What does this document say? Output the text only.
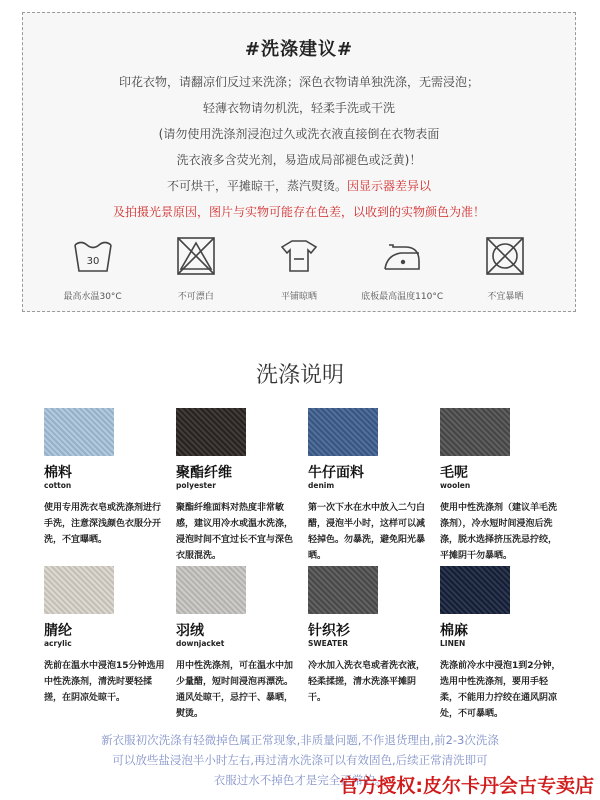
#洗涤建议#
印花衣物，请翻凉们反过来洗涤；深色衣物请单独洗涤，无需浸泡；
轻薄衣物请勿机洗，轻柔手洗或干洗
(请勿使用洗涤剂浸泡过久或洗衣液直接倒在衣物表面
洗衣液多含荧光剂，易造成局部褪色或泛黄)！
不可烘干，平摊晾干，蒸汽熨烫。因显示器差异以
及拍摄光景原因，图片与实物可能存在色差，以收到的实物颜色为准！
30
最高水温30°C	不可漂白	平铺晾晒	底板最高温度110°C	不宜暴晒
洗涤说明
棉料
cotton
使用专用洗衣皂或洗涤剂进行手洗，注意深浅颜色衣服分开洗，不宜曝晒。
聚酯纤维
polyester
聚酯纤维面料对热度非常敏感，建议用冷水或温水洗涤，浸泡时间不宜过长不宜与深色衣服混洗。
牛仔面料
denim
第一次下水在水中放入二勺白醋，浸泡半小时，这样可以减轻掉色。勿暴洗，避免阳光暴晒。
毛呢
woolen
使用中性洗涤剂（建议羊毛洗涤剂），冷水短时间浸泡后洗涤，脱水选择挤压洗忌拧绞，平摊阴干勿暴晒。
腈纶
acrylic
洗前在温水中浸泡15分钟选用中性洗涤剂，清洗时要轻揉搓，在阴凉处晾干。
羽绒
downjacket
用中性洗涤剂，可在温水中加少量醋，短时间浸泡再漂洗。通风处晾干，忌拧干、暴晒，熨烫。
针织衫
SWEATER
冷水加入洗衣皂或者洗衣液，轻柔揉搓，清水洗涤平摊阴干。
棉麻
LINEN
洗涤前冷水中浸泡1到2分钟，选用中性洗涤剂，要用手轻柔，不能用力拧绞在通风阴凉处，不可暴晒。
新衣服初次洗涤有轻微掉色属正常现象,非质量问题,不作退货理由,前2-3次洗涤
可以放些盐浸泡半小时左右,再过清水洗涤可以有效固色,后续正常清洗即可
衣服过水不掉色才是完全正常的。
官方授权:皮尔卡丹会古专卖店
